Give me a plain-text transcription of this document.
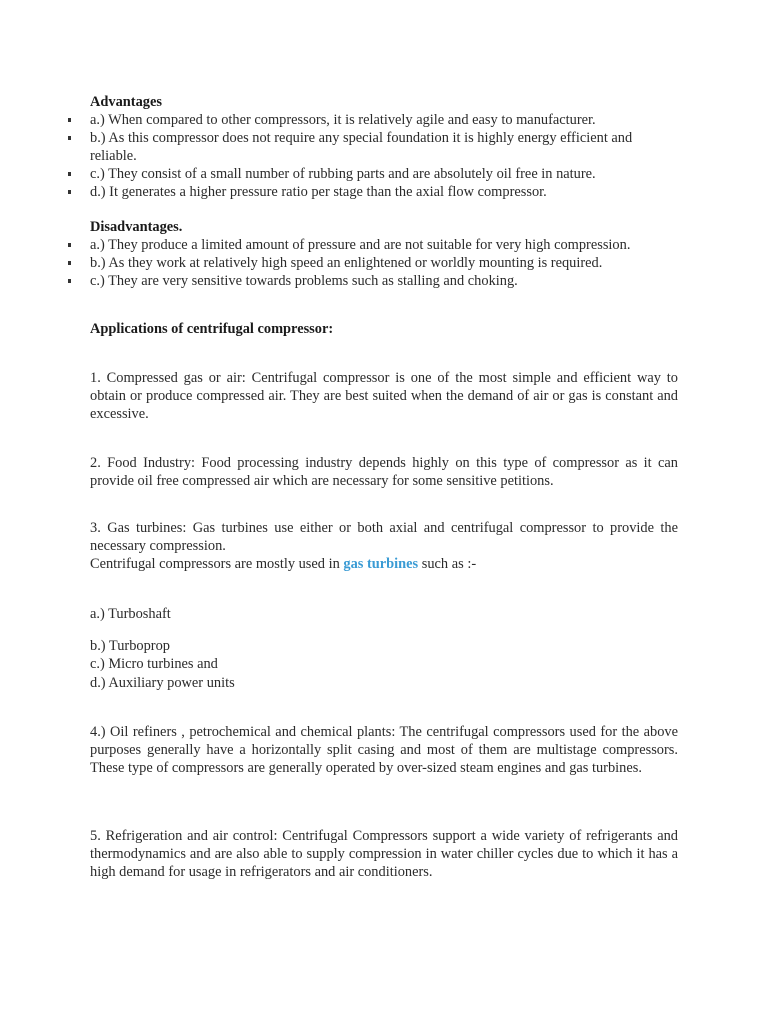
Advantages
a.) When compared to other compressors, it is relatively agile and easy to manufacturer.
b.) As this compressor does not require any special foundation it is highly energy efficient and reliable.
c.) They consist of a small number of rubbing parts and are absolutely oil free in nature.
d.) It generates a higher pressure ratio per stage than the axial flow compressor.
Disadvantages.
a.) They produce a limited amount of pressure and are not suitable for very high compression.
b.) As they work at relatively high speed an enlightened or worldly mounting is required.
c.) They are very sensitive towards problems such as stalling and choking.
Applications of centrifugal compressor:

1. Compressed gas or air: Centrifugal compressor is one of the most simple and efficient way to obtain or produce compressed air. They are best suited when the demand of air or gas is constant and excessive.

2. Food Industry: Food processing industry depends highly on this type of compressor as it can provide oil free compressed air which are necessary for some sensitive petitions.

3. Gas turbines: Gas turbines use either or both axial and centrifugal compressor to provide the necessary compression.

Centrifugal compressors are mostly used in gas turbines such as :-
a.) Turboshaft
b.) Turboprop
c.) Micro turbines and
d.) Auxiliary power units

4.) Oil refiners , petrochemical and chemical plants: The centrifugal compressors used for the above purposes generally have a horizontally split casing and most of them are multistage compressors. These type of compressors are generally operated by over-sized steam engines and gas turbines.

5. Refrigeration and air control: Centrifugal Compressors support a wide variety of refrigerants and thermodynamics and are also able to supply compression in water chiller cycles due to which it has a high demand for usage in refrigerators and air conditioners.
